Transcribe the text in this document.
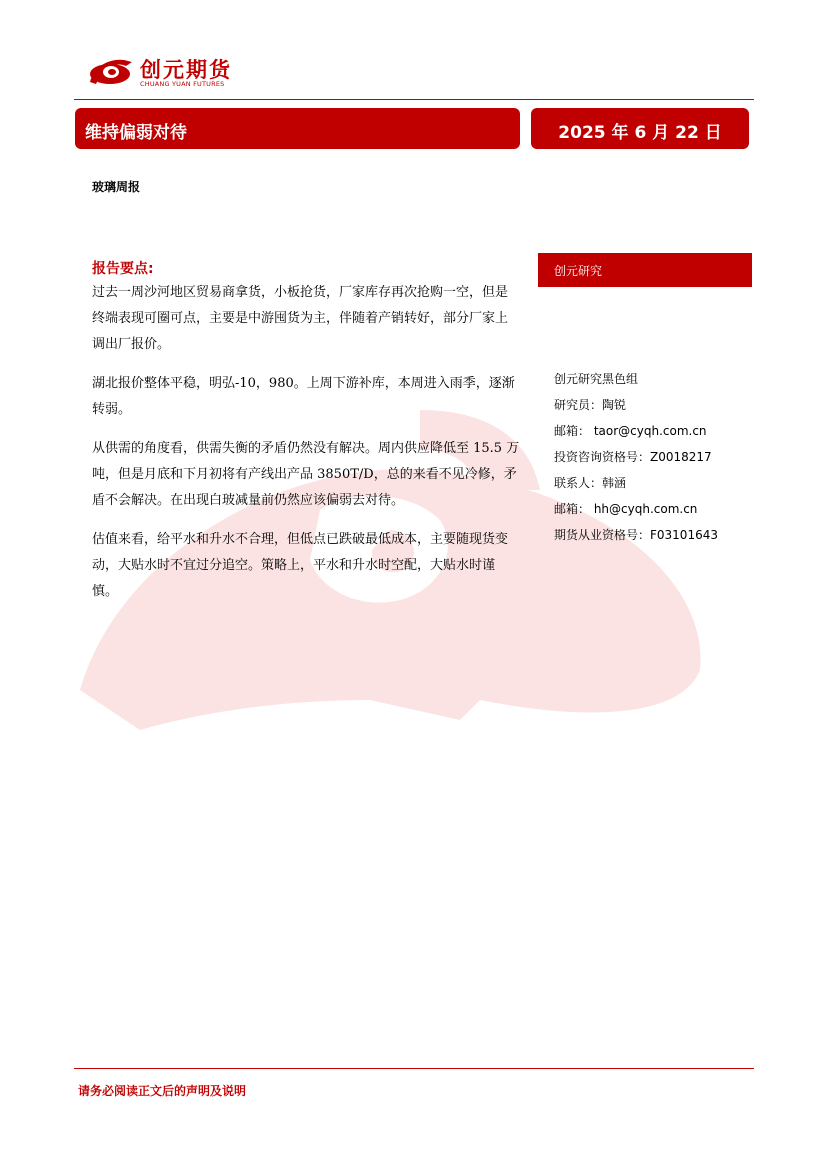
创元期货
CHUANG YUAN FUTURES
维持偏弱对待	2025 年 6 月 22 日
玻璃周报
报告要点:

过去一周沙河地区贸易商拿货，小板抢货，厂家库存再次抢购一空，但是终端表现可圈可点，主要是中游囤货为主，伴随着产销转好，部分厂家上调出厂报价。

湖北报价整体平稳，明弘-10，980。上周下游补库，本周进入雨季，逐渐转弱。

从供需的角度看，供需失衡的矛盾仍然没有解决。周内供应降低至 15.5 万吨，但是月底和下月初将有产线出产品 3850T/D，总的来看不见冷修，矛盾不会解决。在出现白玻减量前仍然应该偏弱去对待。

估值来看，给平水和升水不合理，但低点已跌破最低成本，主要随现货变动，大贴水时不宜过分追空。策略上，平水和升水时空配，大贴水时谨慎。

创元研究
创元研究黑色组
研究员：陶锐
邮箱： taor@cyqh.com.cn
投资咨询资格号：Z0018217
联系人：韩涵
邮箱： hh@cyqh.com.cn
期货从业资格号：F03101643
请务必阅读正文后的声明及说明
